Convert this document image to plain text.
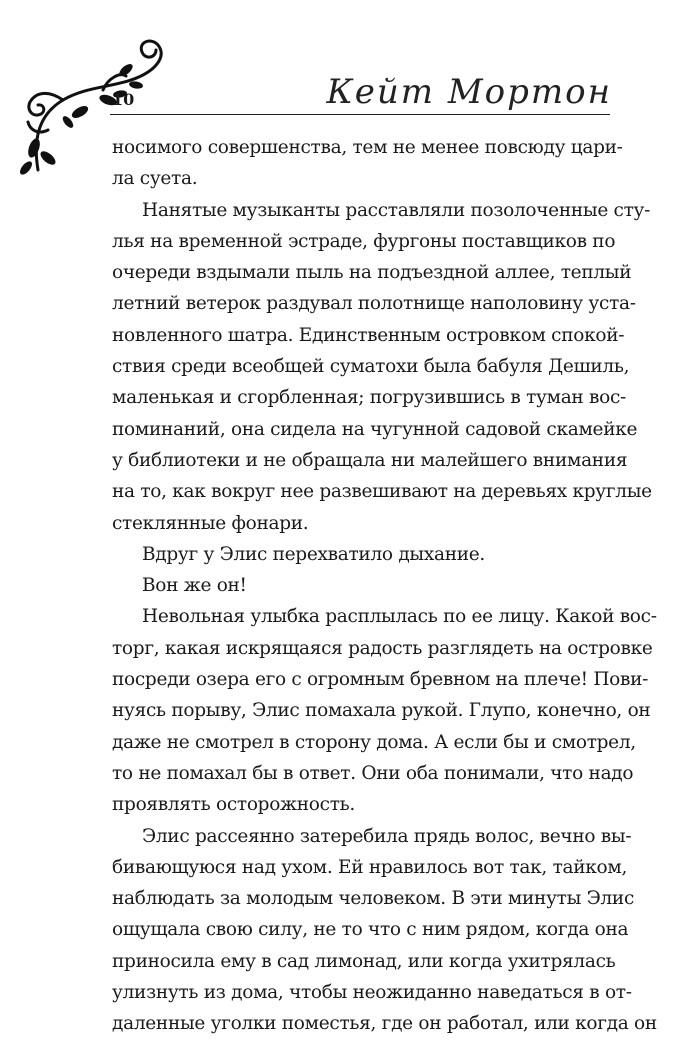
10	Кейт Мортон
носимого совершенства, тем не менее повсюду цари-
ла суета.
Нанятые музыканты расставляли позолоченные сту-
лья на временной эстраде, фургоны поставщиков по
очереди вздымали пыль на подъездной аллее, теплый
летний ветерок раздувал полотнище наполовину уста-
новленного шатра. Единственным островком спокой-
ствия среди всеобщей суматохи была бабуля Дешиль,
маленькая и сгорбленная; погрузившись в туман вос-
поминаний, она сидела на чугунной садовой скамейке
у библиотеки и не обращала ни малейшего внимания
на то, как вокруг нее развешивают на деревьях круглые
стеклянные фонари.
Вдруг у Элис перехватило дыхание.
Вон же он!
Невольная улыбка расплылась по ее лицу. Какой вос-
торг, какая искрящаяся радость разглядеть на островке
посреди озера его с огромным бревном на плече! Пови-
нуясь порыву, Элис помахала рукой. Глупо, конечно, он
даже не смотрел в сторону дома. А если бы и смотрел,
то не помахал бы в ответ. Они оба понимали, что надо
проявлять осторожность.
Элис рассеянно затеребила прядь волос, вечно вы-
бивающуюся над ухом. Ей нравилось вот так, тайком,
наблюдать за молодым человеком. В эти минуты Элис
ощущала свою силу, не то что с ним рядом, когда она
приносила ему в сад лимонад, или когда ухитрялась
улизнуть из дома, чтобы неожиданно наведаться в от-
даленные уголки поместья, где он работал, или когда он
